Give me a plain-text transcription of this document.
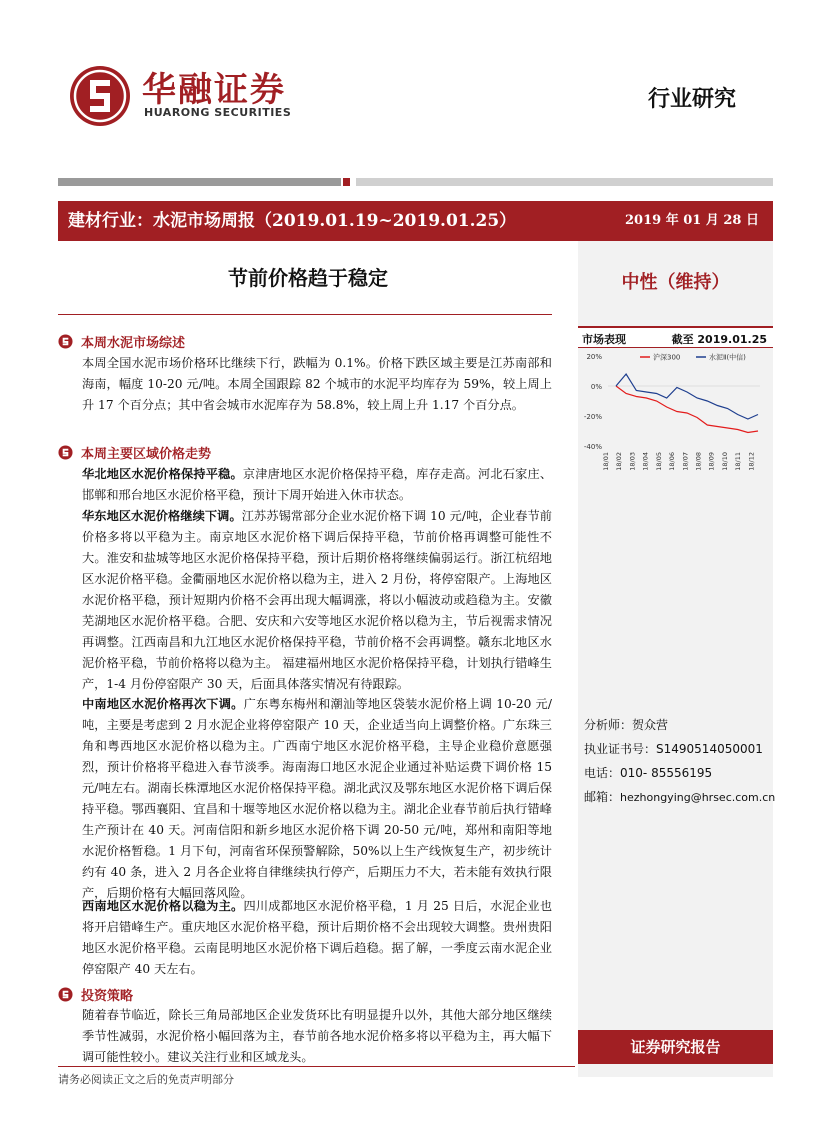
华融证券
HUARONG SECURITIES
行业研究
建材行业：水泥市场周报（2019.01.19~2019.01.25）	2019 年 01 月 28 日
中性（维持）
市场表现	截至 2019.01.25
20%
0%
-20%
-40%
18/01 18/02 18/03 18/04 18/05 18/06 18/07 18/08 18/09 18/10 18/11 18/12
沪深300	水泥Ⅱ(中信)
分析师：贺众营
执业证书号：S1490514050001
电话：010- 85556195
邮箱：hezhongying@hrsec.com.cn
证券研究报告
节前价格趋于稳定
本周水泥市场综述
本周全国水泥市场价格环比继续下行，跌幅为 0.1%。价格下跌区域主要是江苏南部和海南，幅度 10-20 元/吨。本周全国跟踪 82 个城市的水泥平均库存为 59%，较上周上升 17 个百分点；其中省会城市水泥库存为 58.8%，较上周上升 1.17 个百分点。
本周主要区域价格走势
华北地区水泥价格保持平稳。京津唐地区水泥价格保持平稳，库存走高。河北石家庄、邯郸和邢台地区水泥价格平稳，预计下周开始进入休市状态。
华东地区水泥价格继续下调。江苏苏锡常部分企业水泥价格下调 10 元/吨，企业春节前价格多将以平稳为主。南京地区水泥价格下调后保持平稳，节前价格再调整可能性不大。淮安和盐城等地区水泥价格保持平稳，预计后期价格将继续偏弱运行。浙江杭绍地区水泥价格平稳。金衢丽地区水泥价格以稳为主，进入 2 月份，将停窑限产。上海地区水泥价格平稳，预计短期内价格不会再出现大幅调涨，将以小幅波动或趋稳为主。安徽芜湖地区水泥价格平稳。合肥、安庆和六安等地区水泥价格以稳为主，节后视需求情况再调整。江西南昌和九江地区水泥价格保持平稳，节前价格不会再调整。赣东北地区水泥价格平稳，节前价格将以稳为主。 福建福州地区水泥价格保持平稳，计划执行错峰生产，1-4 月份停窑限产 30 天，后面具体落实情况有待跟踪。
中南地区水泥价格再次下调。广东粤东梅州和潮汕等地区袋装水泥价格上调 10-20 元/吨，主要是考虑到 2 月水泥企业将停窑限产 10 天，企业适当向上调整价格。广东珠三角和粤西地区水泥价格以稳为主。广西南宁地区水泥价格平稳，主导企业稳价意愿强烈，预计价格将平稳进入春节淡季。海南海口地区水泥企业通过补贴运费下调价格 15 元/吨左右。湖南长株潭地区水泥价格保持平稳。湖北武汉及鄂东地区水泥价格下调后保持平稳。鄂西襄阳、宜昌和十堰等地区水泥价格以稳为主。湖北企业春节前后执行错峰生产预计在 40 天。河南信阳和新乡地区水泥价格下调 20-50 元/吨，郑州和南阳等地水泥价格暂稳。1 月下旬，河南省环保预警解除，50%以上生产线恢复生产，初步统计约有 40 条，进入 2 月各企业将自律继续执行停产，后期压力不大，若未能有效执行限产，后期价格有大幅回落风险。
西南地区水泥价格以稳为主。四川成都地区水泥价格平稳，1 月 25 日后，水泥企业也将开启错峰生产。重庆地区水泥价格平稳，预计后期价格不会出现较大调整。贵州贵阳地区水泥价格平稳。云南昆明地区水泥价格下调后趋稳。据了解，一季度云南水泥企业停窑限产 40 天左右。
投资策略
随着春节临近，除长三角局部地区企业发货环比有明显提升以外，其他大部分地区继续季节性减弱，水泥价格小幅回落为主，春节前各地水泥价格多将以平稳为主，再大幅下调可能性较小。建议关注行业和区域龙头。
请务必阅读正文之后的免责声明部分
